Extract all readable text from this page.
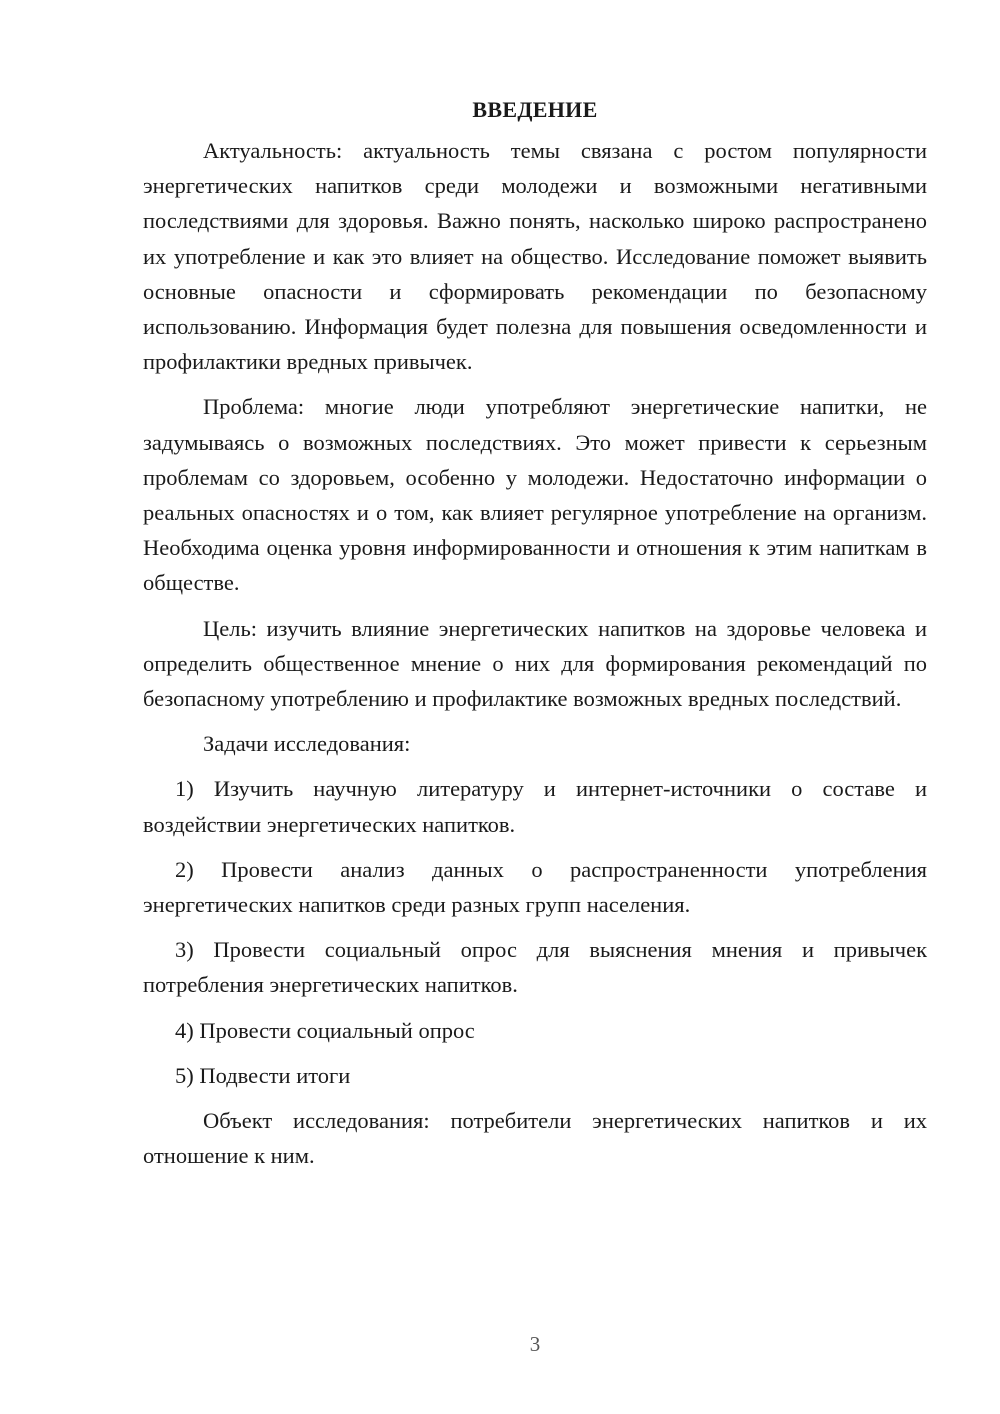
ВВЕДЕНИЕ

Актуальность: актуальность темы связана с ростом популярности энергетических напитков среди молодежи и возможными негативными последствиями для здоровья. Важно понять, насколько широко распространено их употребление и как это влияет на общество. Исследование поможет выявить основные опасности и сформировать рекомендации по безопасному использованию. Информация будет полезна для повышения осведомленности и профилактики вредных привычек.

Проблема: многие люди употребляют энергетические напитки, не задумываясь о возможных последствиях. Это может привести к серьезным проблемам со здоровьем, особенно у молодежи. Недостаточно информации о реальных опасностях и о том, как влияет регулярное употребление на организм. Необходима оценка уровня информированности и отношения к этим напиткам в обществе.

Цель: изучить влияние энергетических напитков на здоровье человека и определить общественное мнение о них для формирования рекомендаций по безопасному употреблению и профилактике возможных вредных последствий.

Задачи исследования:

1) Изучить научную литературу и интернет-источники о составе и воздействии энергетических напитков.

2) Провести анализ данных о распространенности употребления энергетических напитков среди разных групп населения.

3) Провести социальный опрос для выяснения мнения и привычек потребления энергетических напитков.

4) Провести социальный опрос

5) Подвести итоги

Объект исследования: потребители энергетических напитков и их отношение к ним.

3
